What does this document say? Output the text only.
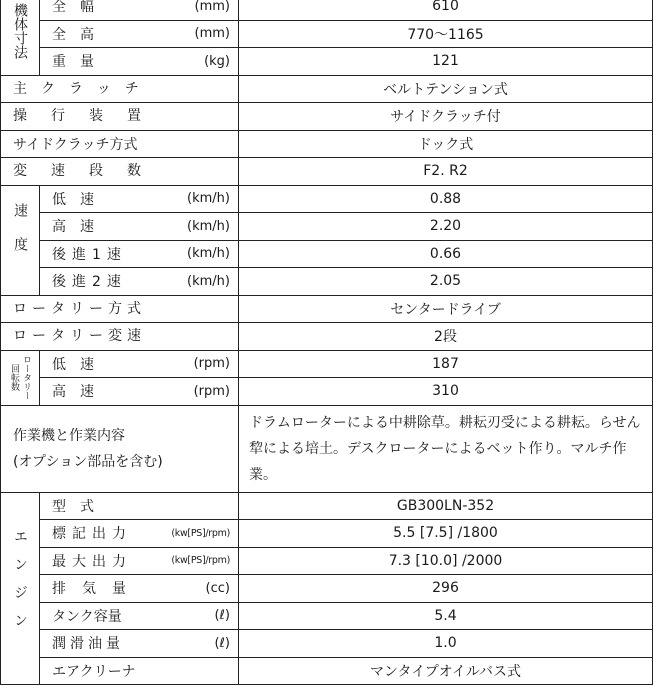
機体寸法	全　幅 (mm)	610

全　高 (mm)	770～1165

重　量 (kg)	121

主クラッチ		ベルトテンション式

操行装置		サイドクラッチ付

サイドクラッチ方式		ドック式

変速段数		F2. R2
速度	低　速 (km/h)	0.88

高　速 (km/h)	2.20

後進1速 (km/h)	0.66

後進2速 (km/h)	2.05

ロータリー方式		センタードライブ

ロータリー変速		2段

回転数 ロータリー	低　速 (rpm)	187

高　速 (rpm)	310

作業機と作業内容
(オプション部品を含む)		ドラムローターによる中耕除草。耕耘刃受による耕耘。らせん犂による培土。デスクローターによるベット作り。マルチ作業。

エンジン	型　式	GB300LN-352

標記出力 (kw[PS]/rpm)	5.5 [7.5] /1800

最大出力 (kw[PS]/rpm)	7.3 [10.0] /2000

排気量 (cc)	296

タンク容量 (ℓ)	5.4

潤滑油量 (ℓ)	1.0

エアクリーナ	マンタイプオイルバス式
